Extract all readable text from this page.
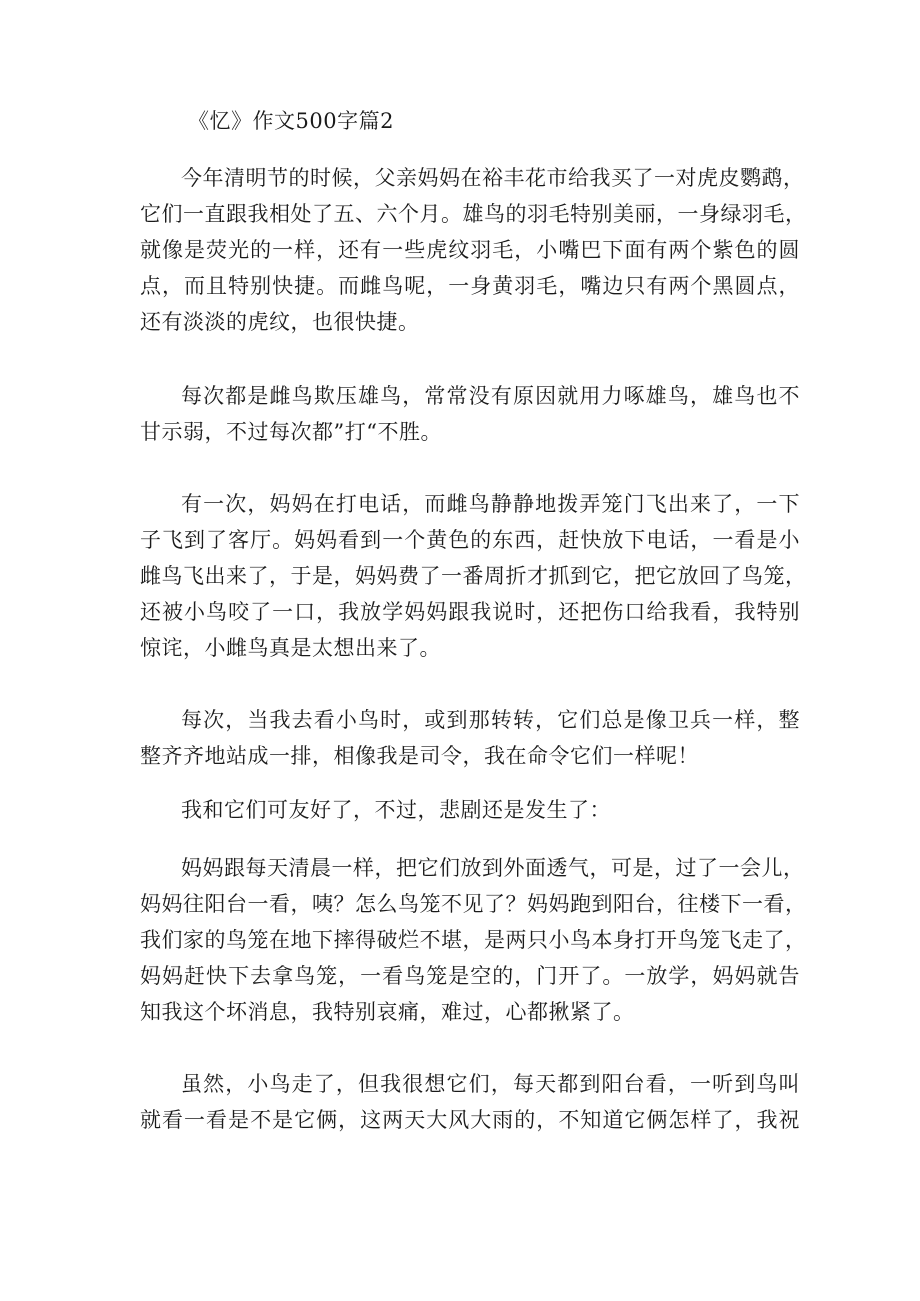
《忆》作文500字篇2
今年清明节的时候，父亲妈妈在裕丰花市给我买了一对虎皮鹦鹉，
它们一直跟我相处了五、六个月。雄鸟的羽毛特别美丽，一身绿羽毛，
就像是荧光的一样，还有一些虎纹羽毛，小嘴巴下面有两个紫色的圆
点，而且特别快捷。而雌鸟呢，一身黄羽毛，嘴边只有两个黑圆点，
还有淡淡的虎纹，也很快捷。
每次都是雌鸟欺压雄鸟，常常没有原因就用力啄雄鸟，雄鸟也不
甘示弱，不过每次都”打“不胜。
有一次，妈妈在打电话，而雌鸟静静地拨弄笼门飞出来了，一下
子飞到了客厅。妈妈看到一个黄色的东西，赶快放下电话，一看是小
雌鸟飞出来了，于是，妈妈费了一番周折才抓到它，把它放回了鸟笼，
还被小鸟咬了一口，我放学妈妈跟我说时，还把伤口给我看，我特别
惊诧，小雌鸟真是太想出来了。
每次，当我去看小鸟时，或到那转转，它们总是像卫兵一样，整
整齐齐地站成一排，相像我是司令，我在命令它们一样呢！
我和它们可友好了，不过，悲剧还是发生了：
妈妈跟每天清晨一样，把它们放到外面透气，可是，过了一会儿，
妈妈往阳台一看，咦？怎么鸟笼不见了？妈妈跑到阳台，往楼下一看，
我们家的鸟笼在地下摔得破烂不堪，是两只小鸟本身打开鸟笼飞走了，
妈妈赶快下去拿鸟笼，一看鸟笼是空的，门开了。一放学，妈妈就告
知我这个坏消息，我特别哀痛，难过，心都揪紧了。
虽然，小鸟走了，但我很想它们，每天都到阳台看，一听到鸟叫
就看一看是不是它俩，这两天大风大雨的，不知道它俩怎样了，我祝
